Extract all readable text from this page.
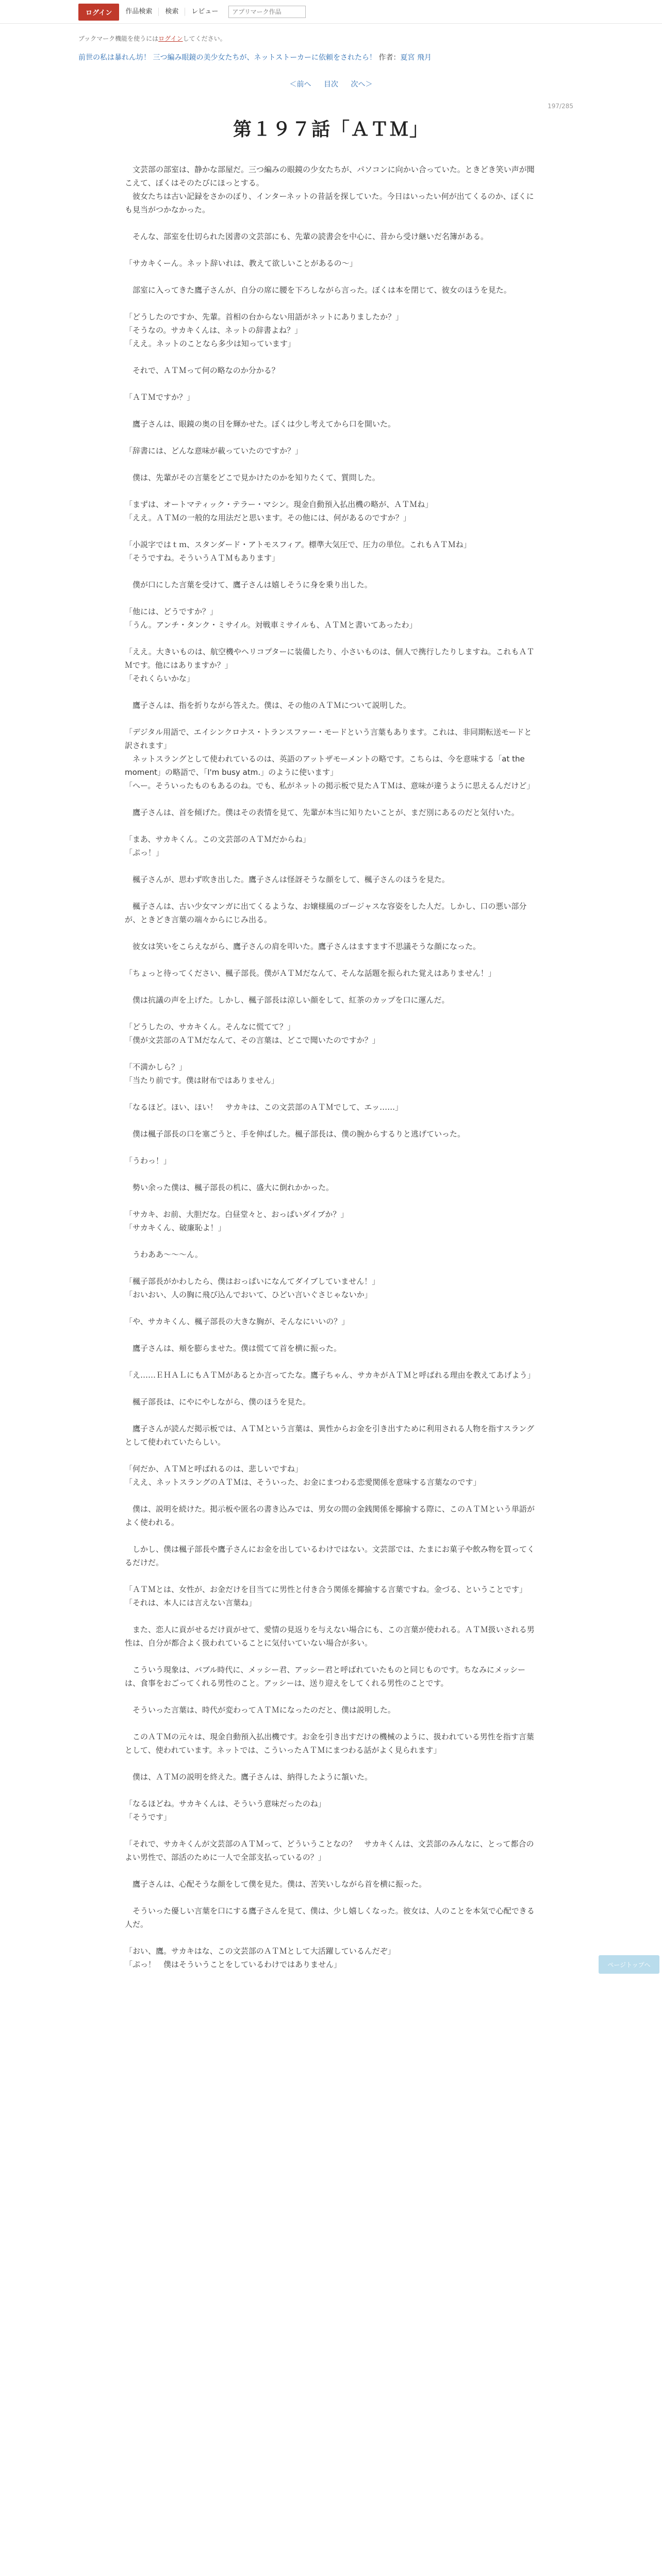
ログイン	作品検索	検索	レビュー
アプリマーク作品
ブックマーク機能を使うにはログインしてください。
前世の私は暴れん坊！ 三つ編み眼鏡の美少女たちが、ネットストーカーに依頼をされたら！ 作者：夏宮 飛月
＜前へ 目次 次へ＞
197/285
第１９７話「ＡＴＭ」

　文芸部の部室は、静かな部屋だ。三つ編みの眼鏡の少女たちが、パソコンに向かい合っていた。ときどき笑い声が聞こえて、ぼくはそのたびにほっとする。

　彼女たちは古い記録をさかのぼり、インターネットの昔話を探していた。今日はいったい何が出てくるのか、ぼくにも見当がつかなかった。

　そんな、部室を仕切られた図書の文芸部にも、先輩の読書会を中心に、昔から受け継いだ名簿がある。

「サカキくーん。ネット辞いれは、教えて欲しいことがあるの～」

　部室に入ってきた鷹子さんが、自分の席に腰を下ろしながら言った。ぼくは本を閉じて、彼女のほうを見た。

「どうしたのですか、先輩。首相の台からない用語がネットにありましたか？」

「そうなの。サカキくんは、ネットの辞書よね？」

「ええ。ネットのことなら多少は知っています」

　それで、ＡＴＭって何の略なのか分かる？

「ＡＴＭですか？」

　鷹子さんは、眼鏡の奥の目を輝かせた。ぼくは少し考えてから口を開いた。

「辞書には、どんな意味が載っていたのですか？」

　僕は、先輩がその言葉をどこで見かけたのかを知りたくて、質問した。

「まずは、オートマティック・テラー・マシン。現金自動預入払出機の略が、ＡＴＭね」

「ええ。ＡＴＭの一般的な用法だと思います。その他には、何があるのですか？」

「小説字ではｔｍ、スタンダード・アトモスフィア。標準大気圧で、圧力の単位。これもＡＴＭね」

「そうですね。そういうＡＴＭもあります」

　僕が口にした言葉を受けて、鷹子さんは嬉しそうに身を乗り出した。

「他には、どうですか？」

「うん。アンチ・タンク・ミサイル。対戦車ミサイルも、ＡＴＭと書いてあったわ」

「ええ。大きいものは、航空機やヘリコプターに装備したり、小さいものは、個人で携行したりしますね。これもＡＴＭです。他にはありますか？」

「それくらいかな」

　鷹子さんは、指を折りながら答えた。僕は、その他のＡＴＭについて説明した。

「デジタル用語で、エイシンクロナス・トランスファー・モードという言葉もあります。これは、非同期転送モードと訳されます」

　ネットスラングとして使われているのは、英語のアットザモーメントの略です。こちらは、今を意味する「at the moment」の略語で、「I'm busy atm.」のように使います」

「へー。そういったものもあるのね。でも、私がネットの掲示板で見たＡＴＭは、意味が違うように思えるんだけど」

　鷹子さんは、首を傾げた。僕はその表情を見て、先輩が本当に知りたいことが、まだ別にあるのだと気付いた。

「まあ、サカキくん。この文芸部のＡＴＭだからね」

「ぷっ！」

　楓子さんが、思わず吹き出した。鷹子さんは怪訝そうな顔をして、楓子さんのほうを見た。

　楓子さんは、古い少女マンガに出てくるような、お嬢様風のゴージャスな容姿をした人だ。しかし、口の悪い部分が、ときどき言葉の端々からにじみ出る。

　彼女は笑いをこらえながら、鷹子さんの肩を叩いた。鷹子さんはますます不思議そうな顔になった。

「ちょっと待ってください、楓子部長。僕がＡＴＭだなんて、そんな話題を振られた覚えはありません！」

　僕は抗議の声を上げた。しかし、楓子部長は涼しい顔をして、紅茶のカップを口に運んだ。

「どうしたの、サカキくん。そんなに慌てて？」

「僕が文芸部のＡＴＭだなんて、その言葉は、どこで聞いたのですか？」

「不満かしら？」

「当たり前です。僕は財布ではありません」

「なるほど。ほい、ほい！　サカキは、この文芸部のＡＴＭでして、エッ……」

　僕は楓子部長の口を塞ごうと、手を伸ばした。楓子部長は、僕の腕からするりと逃げていった。

「うわっ！」

　勢い余った僕は、楓子部長の机に、盛大に倒れかかった。

「サカキ、お前、大胆だな。白昼堂々と、おっぱいダイブか？」

「サカキくん、破廉恥よ！」

　うわああ～～～ん。

「楓子部長がかわしたら、僕はおっぱいになんてダイブしていません！」

「おいおい、人の胸に飛び込んでおいて、ひどい言いぐさじゃないか」

「や、サカキくん、楓子部長の大きな胸が、そんなにいいの？」

　鷹子さんは、頬を膨らませた。僕は慌てて首を横に振った。

「え……ＥＨＡＬにもＡＴＭがあるとか言ってたな。鷹子ちゃん、サカキがＡＴＭと呼ばれる理由を教えてあげよう」

　楓子部長は、にやにやしながら、僕のほうを見た。

　鷹子さんが読んだ掲示板では、ＡＴＭという言葉は、異性からお金を引き出すために利用される人物を指すスラングとして使われていたらしい。

「何だか、ＡＴＭと呼ばれるのは、悲しいですね」

「ええ、ネットスラングのＡＴＭは、そういった、お金にまつわる恋愛関係を意味する言葉なのです」

　僕は、説明を続けた。掲示板や匿名の書き込みでは、男女の間の金銭関係を揶揄する際に、このＡＴＭという単語がよく使われる。

　しかし、僕は楓子部長や鷹子さんにお金を出しているわけではない。文芸部では、たまにお菓子や飲み物を買ってくるだけだ。

「ＡＴＭとは、女性が、お金だけを目当てに男性と付き合う関係を揶揄する言葉ですね。金づる、ということです」

「それは、本人には言えない言葉ね」

　また、恋人に貢がせるだけ貢がせて、愛情の見返りを与えない場合にも、この言葉が使われる。ＡＴＭ扱いされる男性は、自分が都合よく扱われていることに気付いていない場合が多い。

　こういう現象は、バブル時代に、メッシー君、アッシー君と呼ばれていたものと同じものです。ちなみにメッシーは、食事をおごってくれる男性のこと。アッシーは、送り迎えをしてくれる男性のことです。

　そういった言葉は、時代が変わってＡＴＭになったのだと、僕は説明した。

　このＡＴＭの元々は、現金自動預入払出機です。お金を引き出すだけの機械のように、扱われている男性を指す言葉として、使われています。ネットでは、こういったＡＴＭにまつわる話がよく見られます」

　僕は、ＡＴＭの説明を終えた。鷹子さんは、納得したように頷いた。

「なるほどね。サカキくんは、そういう意味だったのね」

「そうです」

「それで、サカキくんが文芸部のＡＴＭって、どういうことなの？　サカキくんは、文芸部のみんなに、とって都合のよい男性で、部活のために一人で全部支払っているの？」

　鷹子さんは、心配そうな顔をして僕を見た。僕は、苦笑いしながら首を横に振った。

　そういった優しい言葉を口にする鷹子さんを見て、僕は、少し嬉しくなった。彼女は、人のことを本気で心配できる人だ。

「おい、鷹。サカキはな、この文芸部のＡＴＭとして大活躍しているんだぞ」

「ぷっ！　僕はそういうことをしているわけではありません」	ページトップへ
